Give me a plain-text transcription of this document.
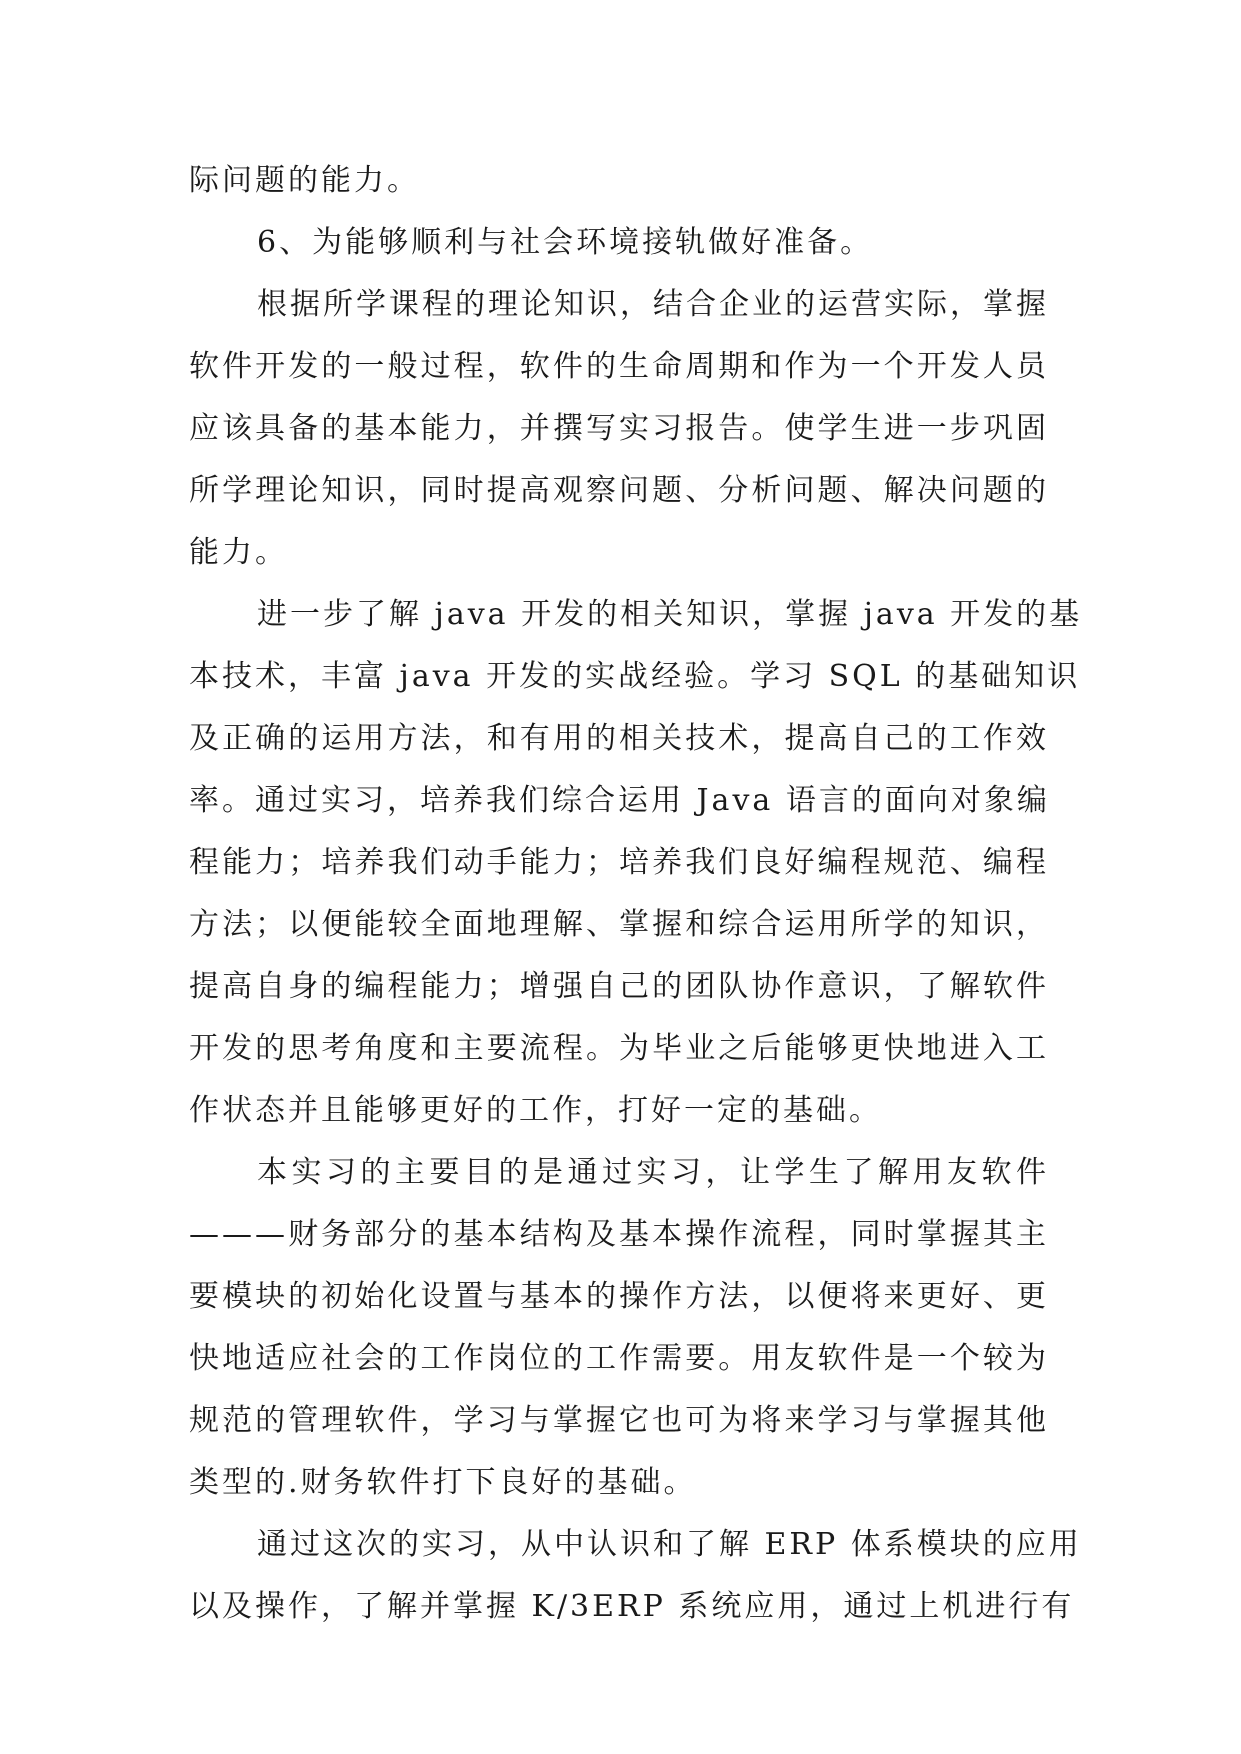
际问题的能力。
6、为能够顺利与社会环境接轨做好准备。
根据所学课程的理论知识，结合企业的运营实际，掌握
软件开发的一般过程，软件的生命周期和作为一个开发人员
应该具备的基本能力，并撰写实习报告。使学生进一步巩固
所学理论知识，同时提高观察问题、分析问题、解决问题的
能力。
进一步了解 java 开发的相关知识，掌握 java 开发的基
本技术，丰富 java 开发的实战经验。学习 SQL 的基础知识
及正确的运用方法，和有用的相关技术，提高自己的工作效
率。通过实习，培养我们综合运用 Java 语言的面向对象编
程能力；培养我们动手能力；培养我们良好编程规范、编程
方法；以便能较全面地理解、掌握和综合运用所学的知识，
提高自身的编程能力；增强自己的团队协作意识，了解软件
开发的思考角度和主要流程。为毕业之后能够更快地进入工
作状态并且能够更好的工作，打好一定的基础。
本实习的主要目的是通过实习，让学生了解用友软件
———财务部分的基本结构及基本操作流程，同时掌握其主
要模块的初始化设置与基本的操作方法，以便将来更好、更
快地适应社会的工作岗位的工作需要。用友软件是一个较为
规范的管理软件，学习与掌握它也可为将来学习与掌握其他
类型的.财务软件打下良好的基础。
通过这次的实习，从中认识和了解 ERP 体系模块的应用
以及操作，了解并掌握 K/3ERP 系统应用，通过上机进行有
